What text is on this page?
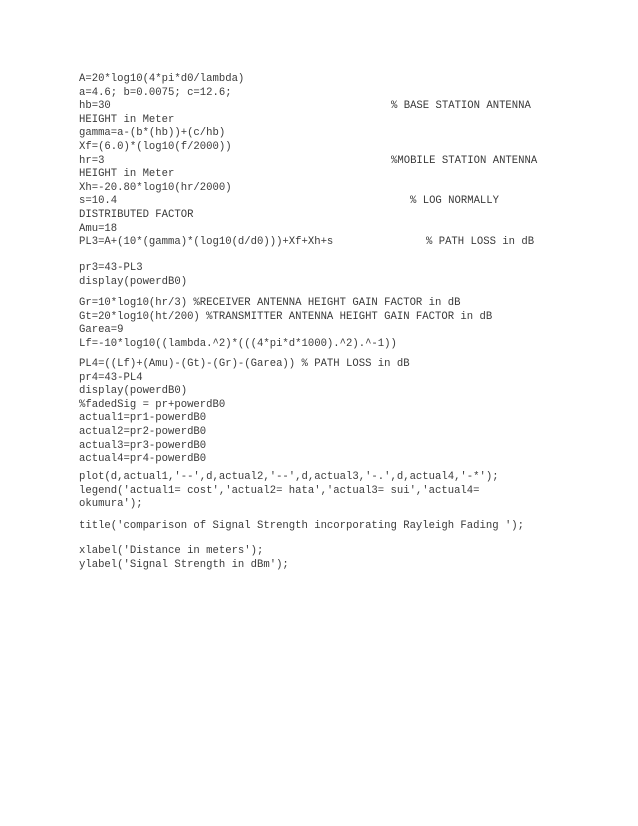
A=20*log10(4*pi*d0/lambda)
a=4.6; b=0.0075; c=12.6;
hb=30	% BASE STATION ANTENNA
HEIGHT in Meter
gamma=a-(b*(hb))+(c/hb)
Xf=(6.0)*(log10(f/2000))
hr=3	%MOBILE STATION ANTENNA
HEIGHT in Meter
Xh=-20.80*log10(hr/2000)
s=10.4	% LOG NORMALLY
DISTRIBUTED FACTOR
Amu=18
PL3=A+(10*(gamma)*(log10(d/d0)))+Xf+Xh+s	% PATH LOSS in dB
pr3=43-PL3
display(powerdB0)
Gr=10*log10(hr/3) %RECEIVER ANTENNA HEIGHT GAIN FACTOR in dB
Gt=20*log10(ht/200) %TRANSMITTER ANTENNA HEIGHT GAIN FACTOR in dB
Garea=9
Lf=-10*log10((lambda.^2)*(((4*pi*d*1000).^2).^-1))
PL4=((Lf)+(Amu)-(Gt)-(Gr)-(Garea)) % PATH LOSS in dB
pr4=43-PL4
display(powerdB0)
%fadedSig = pr+powerdB0
actual1=pr1-powerdB0
actual2=pr2-powerdB0
actual3=pr3-powerdB0
actual4=pr4-powerdB0
plot(d,actual1,'--',d,actual2,'--',d,actual3,'-.',d,actual4,'-*');
legend('actual1= cost','actual2= hata','actual3= sui','actual4=
okumura');
title('comparison of Signal Strength incorporating Rayleigh Fading ');
xlabel('Distance in meters');
ylabel('Signal Strength in dBm');
